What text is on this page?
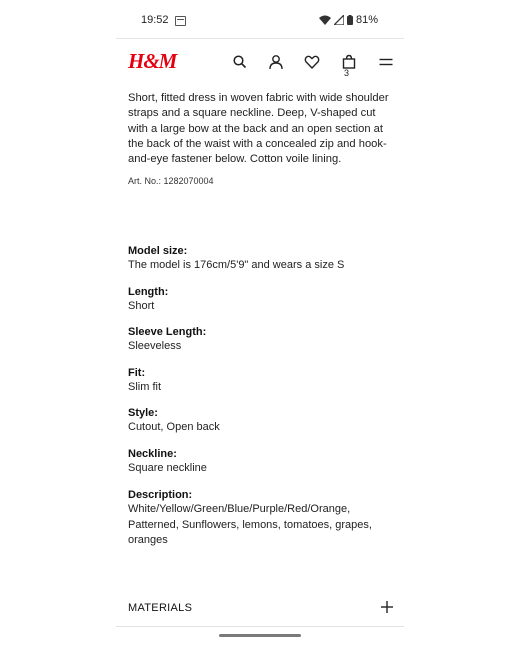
19:52	81%
H&M	3

Short, fitted dress in woven fabric with wide shoulder straps and a square neckline. Deep, V-shaped cut with a large bow at the back and an open section at the back of the waist with a concealed zip and hook-and-eye fastener below. Cotton voile lining.

Art. No.: 1282070004
Model size:
The model is 176cm/5'9" and wears a size S
Length:
Short
Sleeve Length:
Sleeveless
Fit:
Slim fit
Style:
Cutout, Open back
Neckline:
Square neckline
Description:
White/Yellow/Green/Blue/Purple/Red/Orange, Patterned, Sunflowers, lemons, tomatoes, grapes, oranges
MATERIALS
